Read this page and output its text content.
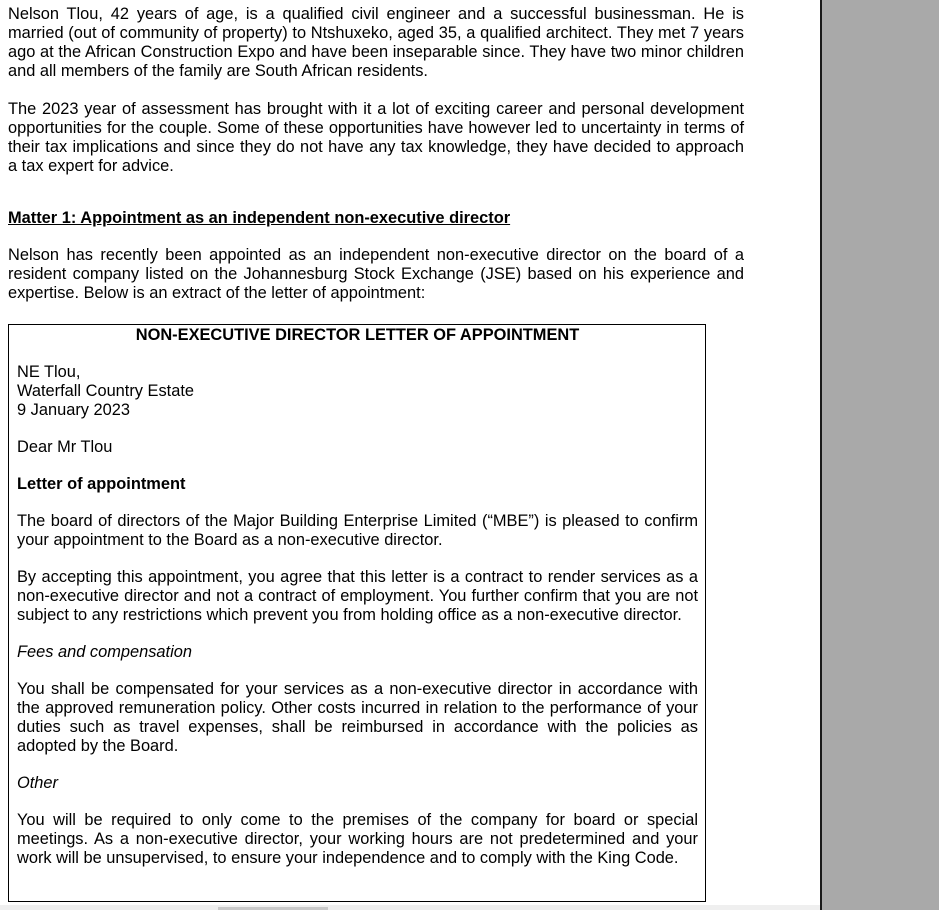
Nelson Tlou, 42 years of age, is a qualified civil engineer and a successful businessman. He is married (out of community of property) to Ntshuxeko, aged 35, a qualified architect. They met 7 years ago at the African Construction Expo and have been inseparable since. They have two minor children and all members of the family are South African residents.

The 2023 year of assessment has brought with it a lot of exciting career and personal development opportunities for the couple. Some of these opportunities have however led to uncertainty in terms of their tax implications and since they do not have any tax knowledge, they have decided to approach a tax expert for advice.

Matter 1: Appointment as an independent non-executive director

Nelson has recently been appointed as an independent non-executive director on the board of a resident company listed on the Johannesburg Stock Exchange (JSE) based on his experience and expertise. Below is an extract of the letter of appointment:

NON-EXECUTIVE DIRECTOR LETTER OF APPOINTMENT

NE Tlou,

Waterfall Country Estate

9 January 2023

Dear Mr Tlou

Letter of appointment

The board of directors of the Major Building Enterprise Limited (“MBE”) is pleased to confirm your appointment to the Board as a non-executive director.

By accepting this appointment, you agree that this letter is a contract to render services as a non-executive director and not a contract of employment. You further confirm that you are not subject to any restrictions which prevent you from holding office as a non-executive director.

Fees and compensation

You shall be compensated for your services as a non-executive director in accordance with the approved remuneration policy. Other costs incurred in relation to the performance of your duties such as travel expenses, shall be reimbursed in accordance with the policies as adopted by the Board.

Other

You will be required to only come to the premises of the company for board or special meetings. As a non-executive director, your working hours are not predetermined and your work will be unsupervised, to ensure your independence and to comply with the King Code.
